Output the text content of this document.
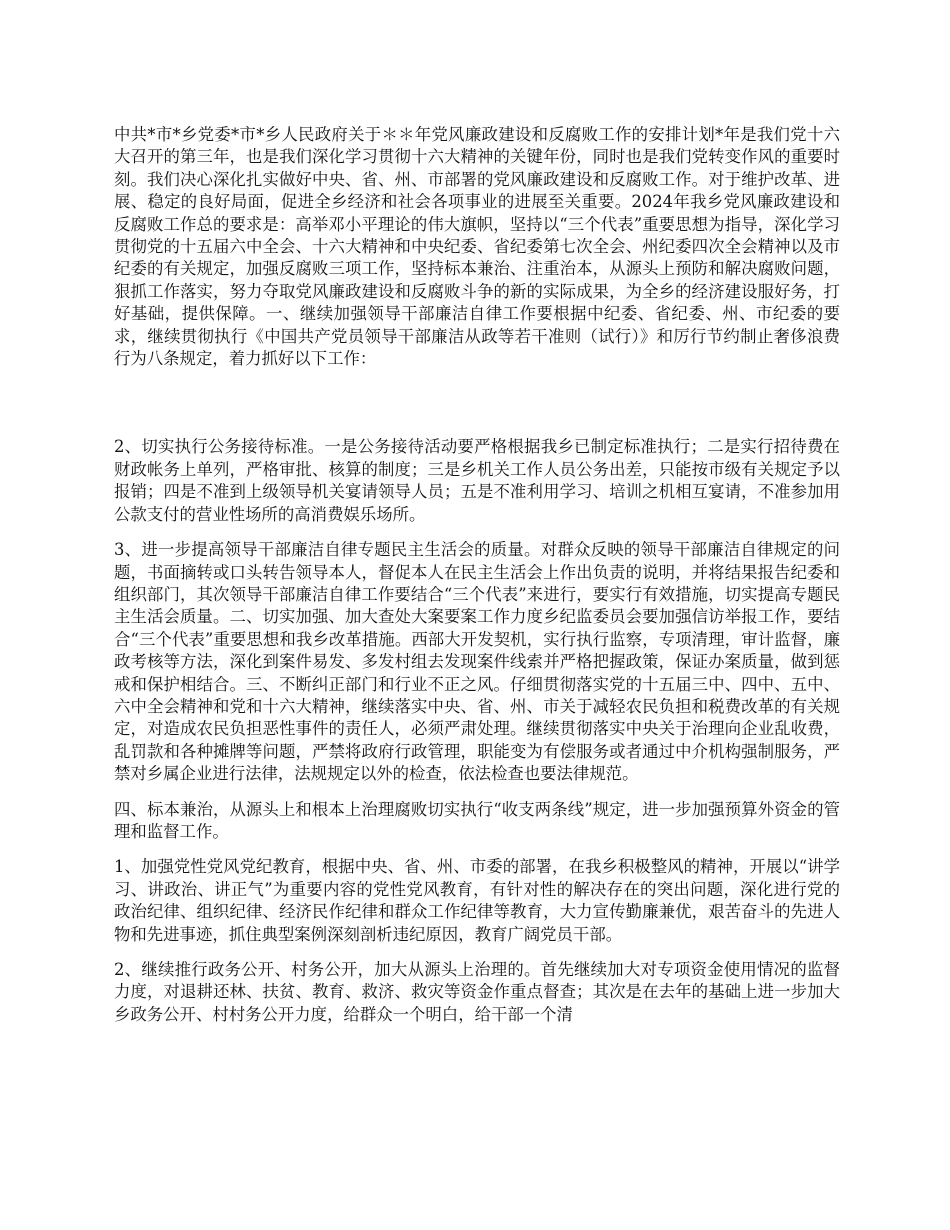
中共*市*乡党委*市*乡人民政府关于＊＊年党风廉政建设和反腐败工作的安排计划*年是我们党十六大召开的第三年，也是我们深化学习贯彻十六大精神的关键年份，同时也是我们党转变作风的重要时刻。我们决心深化扎实做好中央、省、州、市部署的党风廉政建设和反腐败工作。对于维护改革、进展、稳定的良好局面，促进全乡经济和社会各项事业的进展至关重要。2024年我乡党风廉政建设和反腐败工作总的要求是：高举邓小平理论的伟大旗帜，坚持以“三个代表”重要思想为指导，深化学习贯彻党的十五届六中全会、十六大精神和中央纪委、省纪委第七次全会、州纪委四次全会精神以及市纪委的有关规定，加强反腐败三项工作，坚持标本兼治、注重治本，从源头上预防和解决腐败问题，狠抓工作落实，努力夺取党风廉政建设和反腐败斗争的新的实际成果，为全乡的经济建设服好务，打好基础，提供保障。一、继续加强领导干部廉洁自律工作要根据中纪委、省纪委、州、市纪委的要求，继续贯彻执行《中国共产党员领导干部廉洁从政等若干准则（试行）》和厉行节约制止奢侈浪费行为八条规定，着力抓好以下工作：

2、切实执行公务接待标准。一是公务接待活动要严格根据我乡已制定标准执行；二是实行招待费在财政帐务上单列，严格审批、核算的制度；三是乡机关工作人员公务出差，只能按市级有关规定予以报销；四是不准到上级领导机关宴请领导人员；五是不准利用学习、培训之机相互宴请，不准参加用公款支付的营业性场所的高消费娱乐场所。

3、进一步提高领导干部廉洁自律专题民主生活会的质量。对群众反映的领导干部廉洁自律规定的问题，书面摘转或口头转告领导本人，督促本人在民主生活会上作出负责的说明，并将结果报告纪委和组织部门，其次领导干部廉洁自律工作要结合“三个代表”来进行，要实行有效措施，切实提高专题民主生活会质量。二、切实加强、加大查处大案要案工作力度乡纪监委员会要加强信访举报工作，要结合“三个代表”重要思想和我乡改革措施。西部大开发契机，实行执行监察，专项清理，审计监督，廉政考核等方法，深化到案件易发、多发村组去发现案件线索并严格把握政策，保证办案质量，做到惩戒和保护相结合。三、不断纠正部门和行业不正之风。仔细贯彻落实党的十五届三中、四中、五中、六中全会精神和党和十六大精神，继续落实中央、省、州、市关于减轻农民负担和税费改革的有关规定，对造成农民负担恶性事件的责任人，必须严肃处理。继续贯彻落实中央关于治理向企业乱收费，乱罚款和各种摊牌等问题，严禁将政府行政管理，职能变为有偿服务或者通过中介机构强制服务，严禁对乡属企业进行法律，法规规定以外的检查，依法检查也要法律规范。

四、标本兼治，从源头上和根本上治理腐败切实执行“收支两条线”规定，进一步加强预算外资金的管理和监督工作。

1、加强党性党风党纪教育，根据中央、省、州、市委的部署，在我乡积极整风的精神，开展以“讲学习、讲政治、讲正气”为重要内容的党性党风教育，有针对性的解决存在的突出问题，深化进行党的政治纪律、组织纪律、经济民作纪律和群众工作纪律等教育，大力宣传勤廉兼优，艰苦奋斗的先进人物和先进事迹，抓住典型案例深刻剖析违纪原因，教育广阔党员干部。

2、继续推行政务公开、村务公开，加大从源头上治理的。首先继续加大对专项资金使用情况的监督力度，对退耕还林、扶贫、教育、救济、救灾等资金作重点督查；其次是在去年的基础上进一步加大乡政务公开、村村务公开力度，给群众一个明白，给干部一个清
